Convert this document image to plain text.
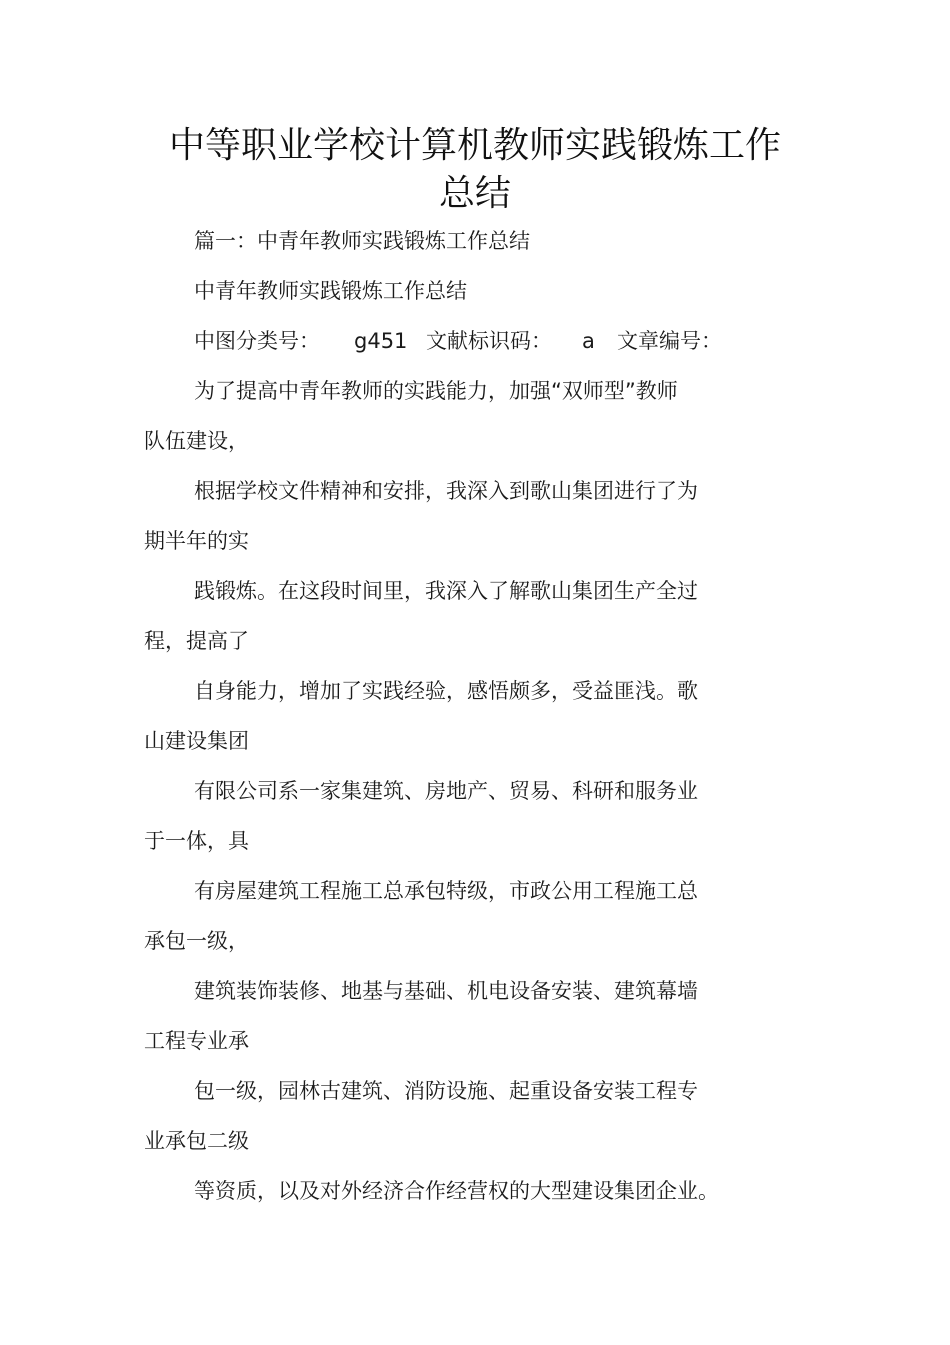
中等职业学校计算机教师实践锻炼工作
总结
篇一：中青年教师实践锻炼工作总结
中青年教师实践锻炼工作总结
中图分类号： g451 文献标识码： a 文章编号：
为了提高中青年教师的实践能力，加强“双师型”教师
队伍建设，
根据学校文件精神和安排，我深入到歌山集团进行了为
期半年的实
践锻炼。在这段时间里，我深入了解歌山集团生产全过
程，提高了
自身能力，增加了实践经验，感悟颇多，受益匪浅。歌
山建设集团
有限公司系一家集建筑、房地产、贸易、科研和服务业
于一体，具
有房屋建筑工程施工总承包特级，市政公用工程施工总
承包一级，
建筑装饰装修、地基与基础、机电设备安装、建筑幕墙
工程专业承
包一级，园林古建筑、消防设施、起重设备安装工程专
业承包二级
等资质，以及对外经济合作经营权的大型建设集团企业。
